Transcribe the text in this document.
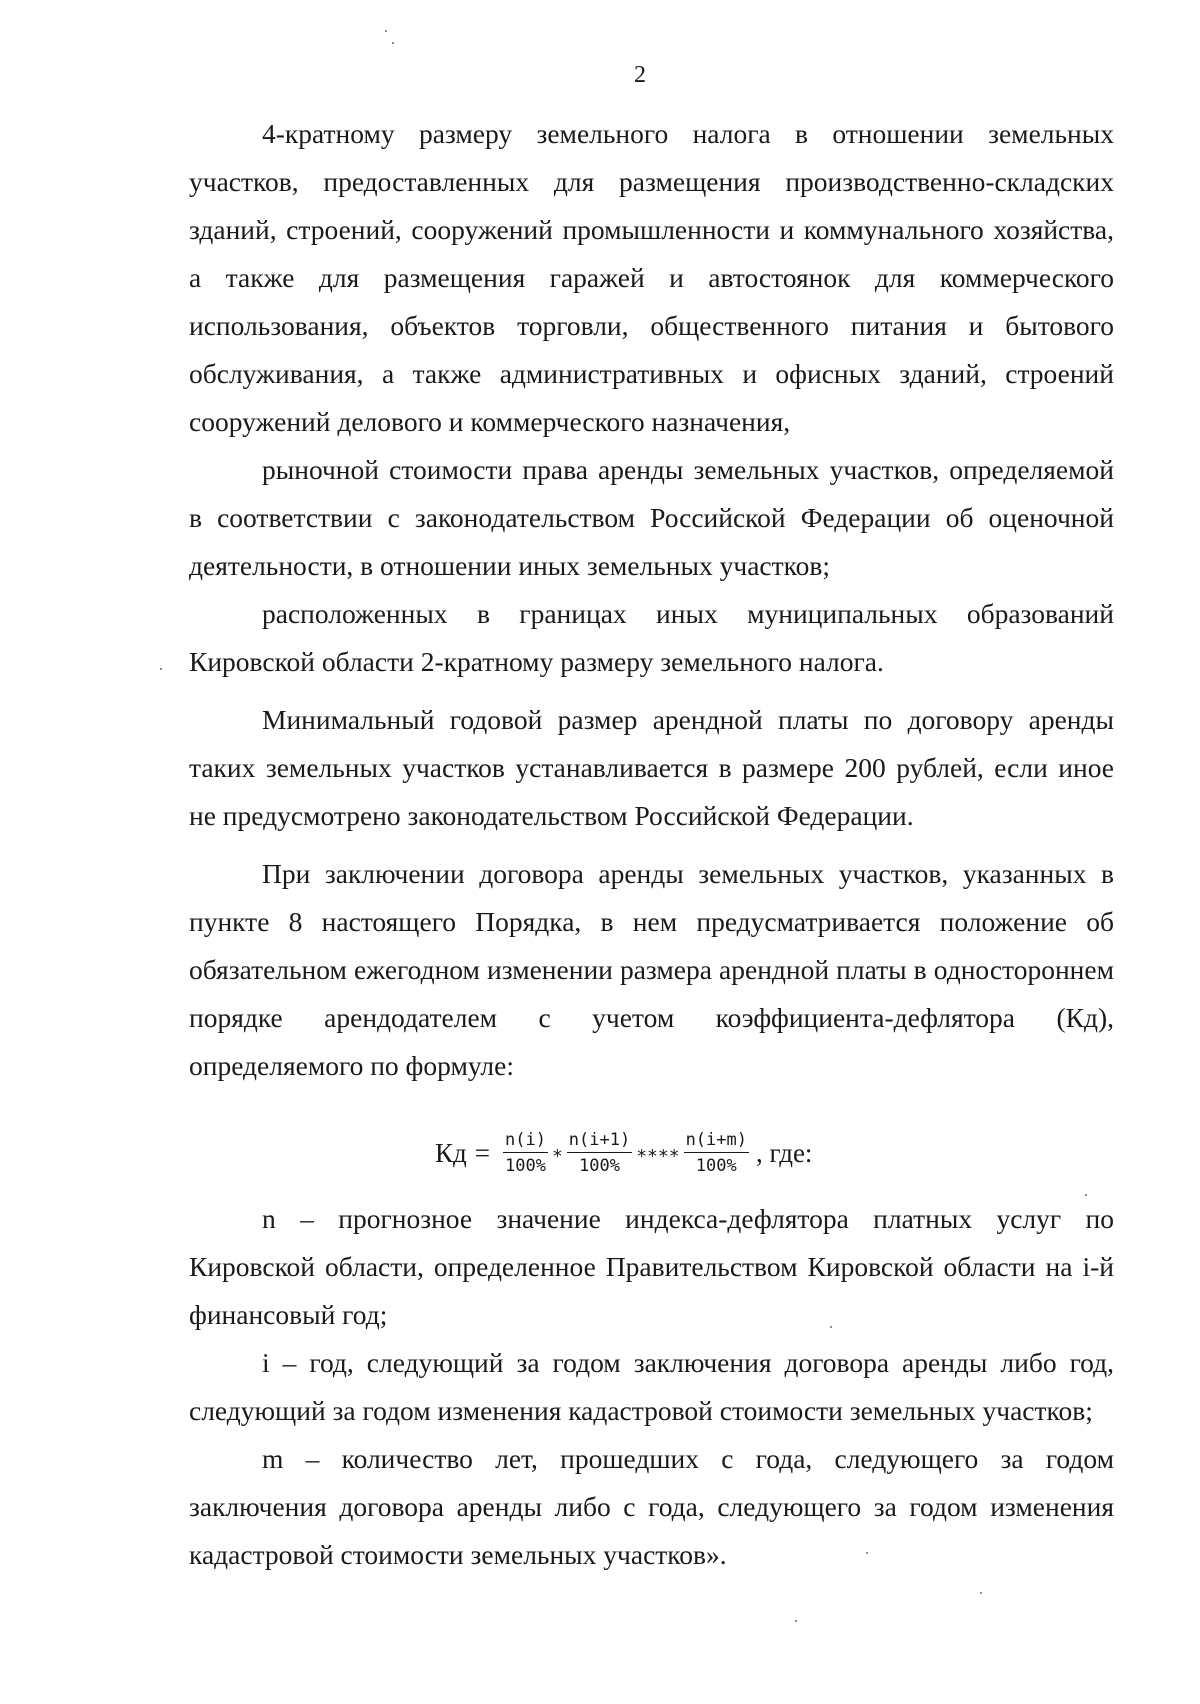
2

4-кратному размеру земельного налога в отношении земельных участков, предоставленных для размещения производственно-складских зданий, строений, сооружений промышленности и коммунального хозяйства, а также для размещения гаражей и автостоянок для коммерческого использования, объектов торговли, общественного питания и бытового обслуживания, а также административных и офисных зданий, строений сооружений делового и коммерческого назначения,

рыночной стоимости права аренды земельных участков, определяемой в соответствии с законодательством Российской Федерации об оценочной деятельности, в отношении иных земельных участков;

расположенных в границах иных муниципальных образований Кировской области 2-кратному размеру земельного налога.

Минимальный годовой размер арендной платы по договору аренды таких земельных участков устанавливается в размере 200 рублей, если иное не предусмотрено законодательством Российской Федерации.

При заключении договора аренды земельных участков, указанных в пункте 8 настоящего Порядка, в нем предусматривается положение об обязательном ежегодном изменении размера арендной платы в одностороннем порядке арендодателем с учетом коэффициента-дефлятора (Кд), определяемого по формуле:

Кд = $\frac{n(i)}{100\%} * \frac{n(i+1)}{100\%}$ **** $\frac{n(i+m)}{100\%}$ , где:

n – прогнозное значение индекса-дефлятора платных услуг по Кировской области, определенное Правительством Кировской области на i-й финансовый год;

i – год, следующий за годом заключения договора аренды либо год, следующий за годом изменения кадастровой стоимости земельных участков;

m – количество лет, прошедших с года, следующего за годом заключения договора аренды либо с года, следующего за годом изменения кадастровой стоимости земельных участков».
